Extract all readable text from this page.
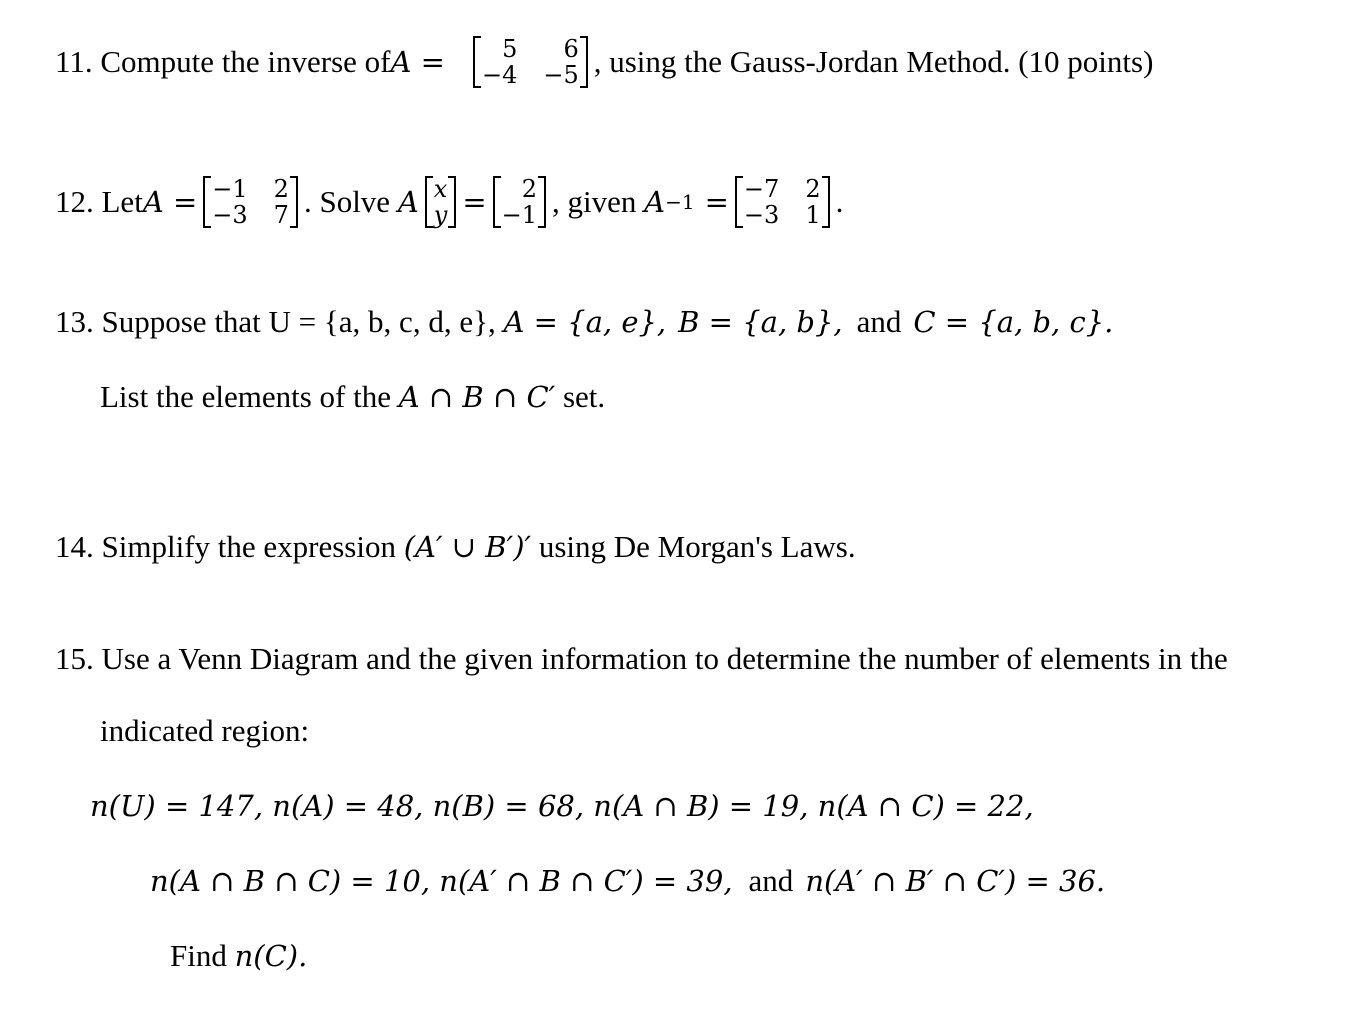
11. Compute the inverse of A =	5	6
−4 −5 , using the Gauss-Jordan Method. (10 points)
12. Let A = −1 2
−3 7 . Solve A x
y =	2
−1 , given A −1 = −7 2
−3 1 .
13. Suppose that U = {a, b, c, d, e}, A = {a, e}, B = {a, b}, and C = {a, b, c}.
List the elements of the A ∩ B ∩ C′ set.
14. Simplify the expression (A′ ∪ B′)′ using De Morgan's Laws.
15. Use a Venn Diagram and the given information to determine the number of elements in the
indicated region:
n(U) = 147, n(A) = 48, n(B) = 68, n(A ∩ B) = 19, n(A ∩ C) = 22,
n(A ∩ B ∩ C) = 10, n(A′ ∩ B ∩ C′) = 39, and n(A′ ∩ B′ ∩ C′) = 36.
Find n(C).
